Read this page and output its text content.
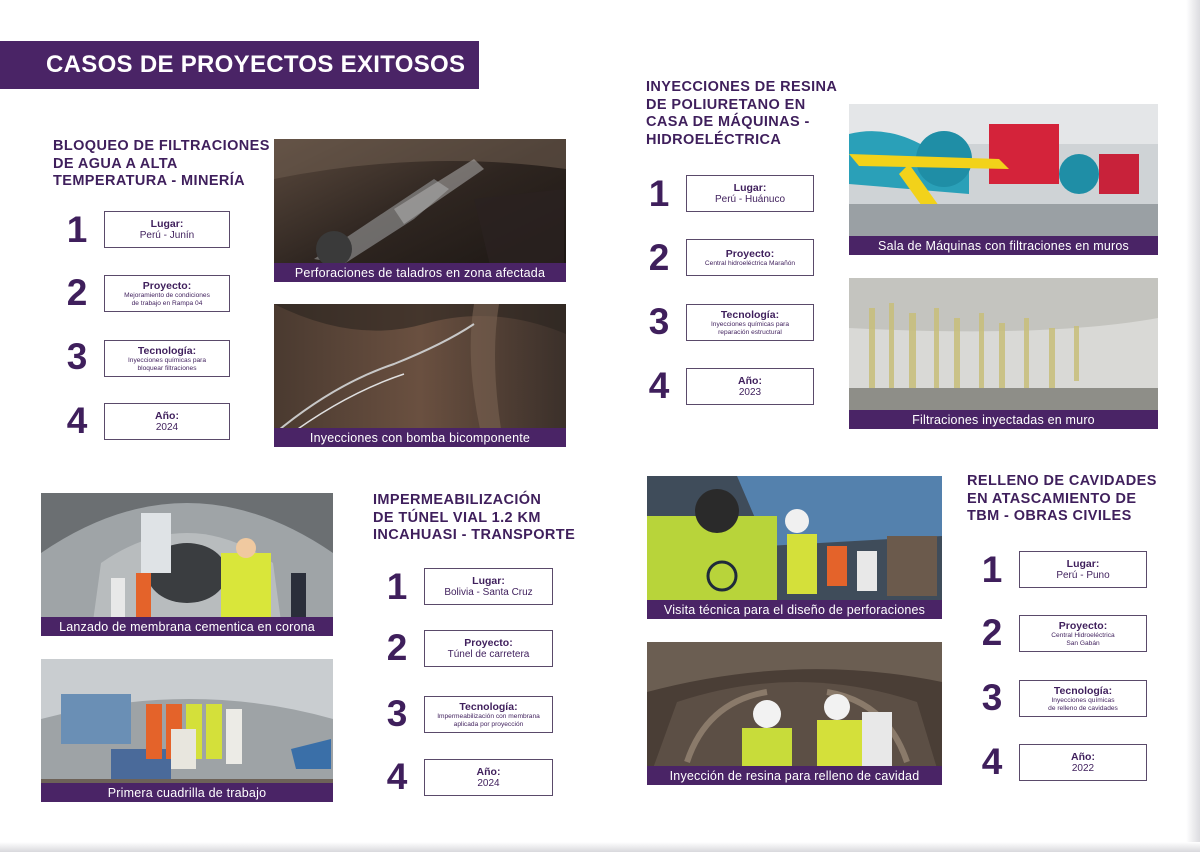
CASOS DE PROYECTOS EXITOSOS
BLOQUEO DE FILTRACIONES
DE AGUA A ALTA
TEMPERATURA - MINERÍA
1	Lugar:
Perú - Junín
2	Proyecto:
Mejoramiento de condiciones
de trabajo en Rampa 04
3	Tecnología:
Inyecciones químicas para
bloquear filtraciones
4	Año:
2024
Perforaciones de taladros en zona afectada
Inyecciones con bomba bicomponente
INYECCIONES DE RESINA
DE POLIURETANO EN
CASA DE MÁQUINAS -
HIDROELÉCTRICA
1	Lugar:
Perú - Huánuco
2	Proyecto:
Central hidroeléctrica Marañón
3	Tecnología:
Inyecciones químicas para
reparación estructural
4	Año:
2023
Sala de Máquinas con filtraciones en muros
Filtraciones inyectadas en muro
Lanzado de membrana cementica en corona
Primera cuadrilla de trabajo
IMPERMEABILIZACIÓN
DE TÚNEL VIAL 1.2 KM
INCAHUASI - TRANSPORTE
1	Lugar:
Bolivia - Santa Cruz
2	Proyecto:
Túnel de carretera
3	Tecnología:
Impermeabilización con membrana
aplicada por proyección
4	Año:
2024
Visita técnica para el diseño de perforaciones
Inyección de resina para relleno de cavidad
RELLENO DE CAVIDADES
EN ATASCAMIENTO DE
TBM - OBRAS CIVILES
1	Lugar:
Perú - Puno
2	Proyecto:
Central Hidroeléctrica
San Gabán
3	Tecnología:
Inyecciones químicas
de relleno de cavidades
4	Año:
2022
